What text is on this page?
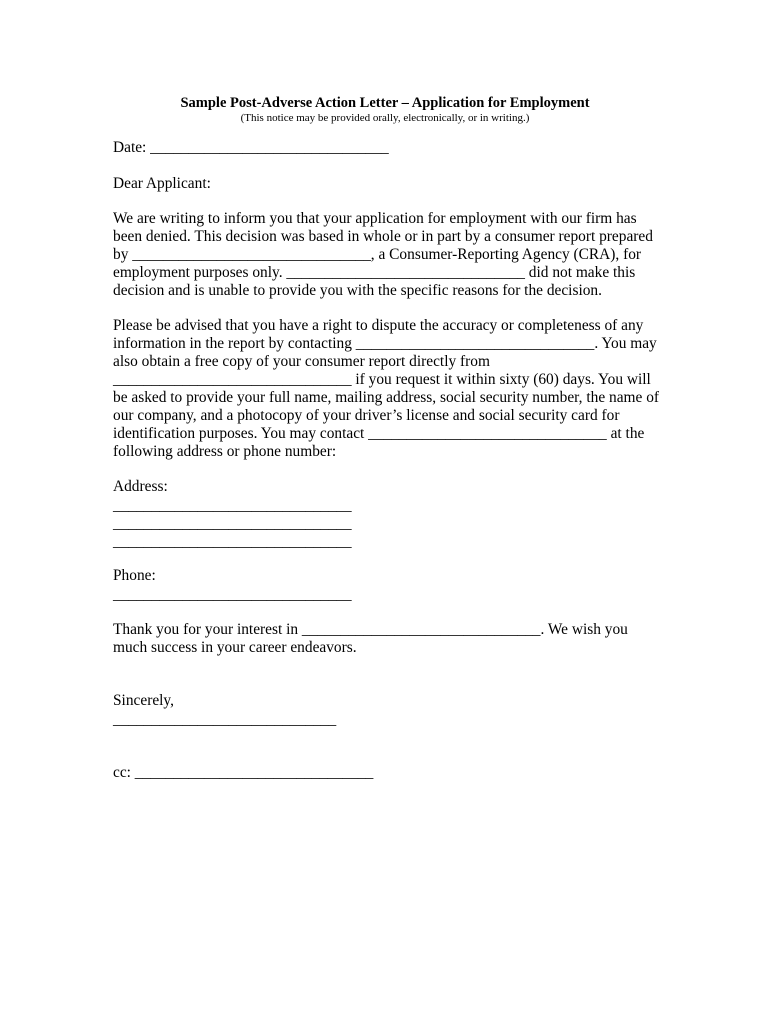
Sample Post-Adverse Action Letter – Application for Employment
(This notice may be provided orally, electronically, or in writing.)
Date: _______________________________
Dear Applicant:
We are writing to inform you that your application for employment with our firm has
been denied. This decision was based in whole or in part by a consumer report prepared
by _______________________________, a Consumer-Reporting Agency (CRA), for
employment purposes only. _______________________________ did not make this
decision and is unable to provide you with the specific reasons for the decision.
Please be advised that you have a right to dispute the accuracy or completeness of any
information in the report by contacting _______________________________. You may
also obtain a free copy of your consumer report directly from
_______________________________ if you request it within sixty (60) days. You will
be asked to provide your full name, mailing address, social security number, the name of
our company, and a photocopy of your driver’s license and social security card for
identification purposes. You may contact _______________________________ at the
following address or phone number:
Address:
_______________________________
_______________________________
_______________________________
Phone:
_______________________________
Thank you for your interest in _______________________________. We wish you
much success in your career endeavors.
Sincerely,
_____________________________
cc: _______________________________
